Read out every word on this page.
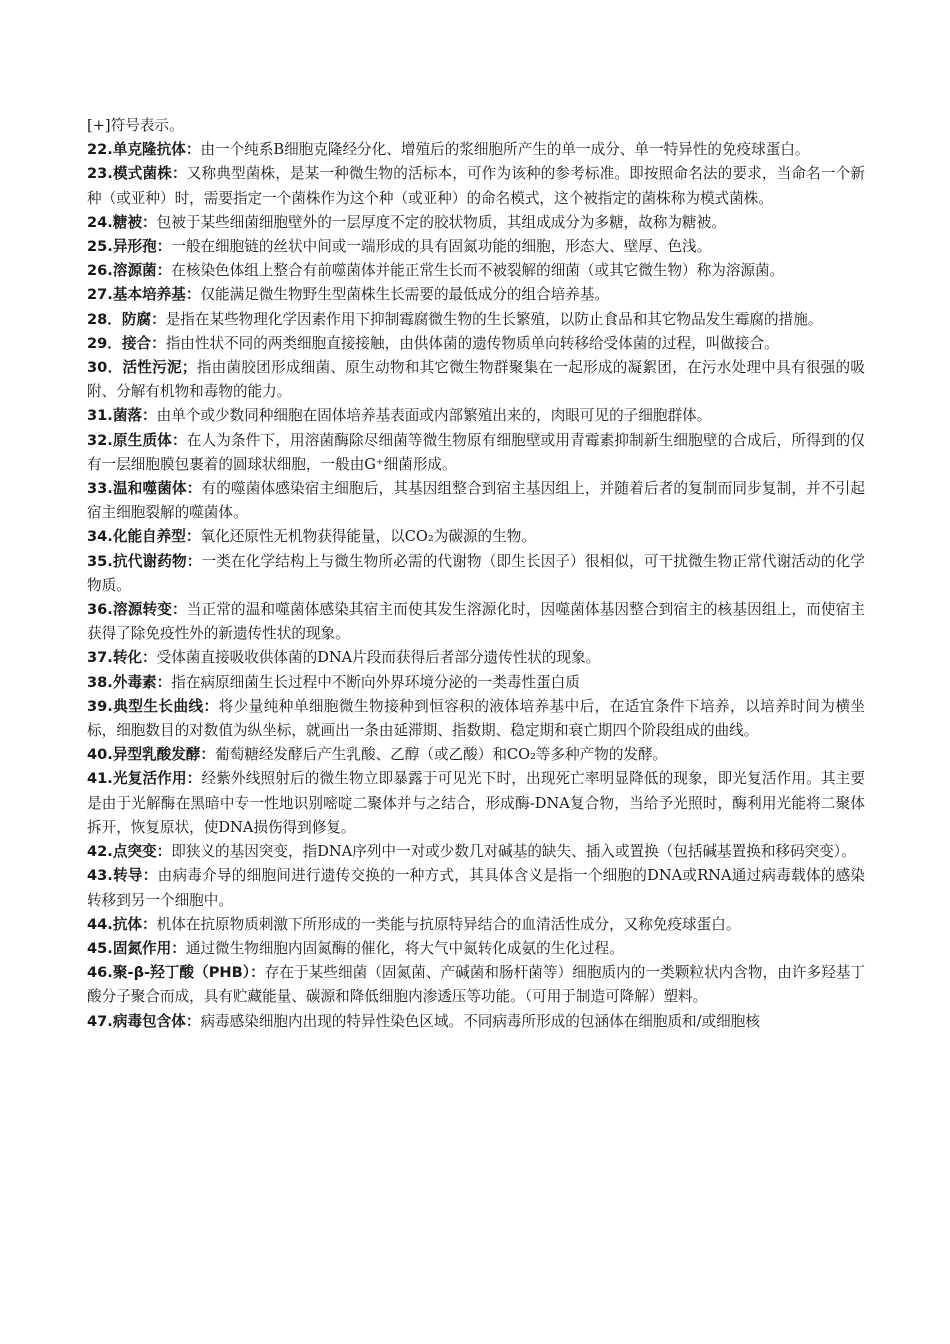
[+]符号表示。

22.单克隆抗体：由一个纯系B细胞克隆经分化、增殖后的浆细胞所产生的单一成分、单一特异性的免疫球蛋白。

23.模式菌株：又称典型菌株，是某一种微生物的活标本，可作为该种的参考标准。即按照命名法的要求，当命名一个新种（或亚种）时，需要指定一个菌株作为这个种（或亚种）的命名模式，这个被指定的菌株称为模式菌株。

24.糖被：包被于某些细菌细胞壁外的一层厚度不定的胶状物质，其组成成分为多糖，故称为糖被。

25.异形孢：一般在细胞链的丝状中间或一端形成的具有固氮功能的细胞，形态大、壁厚、色浅。

26.溶源菌：在核染色体组上整合有前噬菌体并能正常生长而不被裂解的细菌（或其它微生物）称为溶源菌。

27.基本培养基：仅能满足微生物野生型菌株生长需要的最低成分的组合培养基。

28．防腐：是指在某些物理化学因素作用下抑制霉腐微生物的生长繁殖，以防止食品和其它物品发生霉腐的措施。

29．接合：指由性状不同的两类细胞直接接触，由供体菌的遗传物质单向转移给受体菌的过程，叫做接合。

30．活性污泥；指由菌胶团形成细菌、原生动物和其它微生物群聚集在一起形成的凝絮团，在污水处理中具有很强的吸附、分解有机物和毒物的能力。

31.菌落：由单个或少数同种细胞在固体培养基表面或内部繁殖出来的，肉眼可见的子细胞群体。

32.原生质体：在人为条件下，用溶菌酶除尽细菌等微生物原有细胞壁或用青霉素抑制新生细胞壁的合成后，所得到的仅有一层细胞膜包裹着的圆球状细胞，一般由G⁺细菌形成。

33.温和噬菌体：有的噬菌体感染宿主细胞后，其基因组整合到宿主基因组上，并随着后者的复制而同步复制，并不引起宿主细胞裂解的噬菌体。

34.化能自养型：氧化还原性无机物获得能量，以CO₂为碳源的生物。

35.抗代谢药物：一类在化学结构上与微生物所必需的代谢物（即生长因子）很相似，可干扰微生物正常代谢活动的化学物质。

36.溶源转变：当正常的温和噬菌体感染其宿主而使其发生溶源化时，因噬菌体基因整合到宿主的核基因组上，而使宿主获得了除免疫性外的新遗传性状的现象。

37.转化：受体菌直接吸收供体菌的DNA片段而获得后者部分遗传性状的现象。

38.外毒素：指在病原细菌生长过程中不断向外界环境分泌的一类毒性蛋白质

39.典型生长曲线：将少量纯种单细胞微生物接种到恒容积的液体培养基中后，在适宜条件下培养，以培养时间为横坐标，细胞数目的对数值为纵坐标，就画出一条由延滞期、指数期、稳定期和衰亡期四个阶段组成的曲线。

40.异型乳酸发酵：葡萄糖经发酵后产生乳酸、乙醇（或乙酸）和CO₂等多种产物的发酵。

41.光复活作用：经紫外线照射后的微生物立即暴露于可见光下时，出现死亡率明显降低的现象，即光复活作用。其主要是由于光解酶在黑暗中专一性地识别嘧啶二聚体并与之结合，形成酶-DNA复合物，当给予光照时，酶利用光能将二聚体拆开，恢复原状，使DNA损伤得到修复。

42.点突变：即狭义的基因突变，指DNA序列中一对或少数几对碱基的缺失、插入或置换（包括碱基置换和移码突变）。

43.转导：由病毒介导的细胞间进行遗传交换的一种方式，其具体含义是指一个细胞的DNA或RNA通过病毒载体的感染转移到另一个细胞中。

44.抗体：机体在抗原物质刺激下所形成的一类能与抗原特异结合的血清活性成分，又称免疫球蛋白。

45.固氮作用：通过微生物细胞内固氮酶的催化，将大气中氮转化成氨的生化过程。

46.聚-β-羟丁酸（PHB）：存在于某些细菌（固氮菌、产碱菌和肠杆菌等）细胞质内的一类颗粒状内含物，由许多羟基丁酸分子聚合而成，具有贮藏能量、碳源和降低细胞内渗透压等功能。（可用于制造可降解）塑料。

47.病毒包含体：病毒感染细胞内出现的特异性染色区域。不同病毒所形成的包涵体在细胞质和/或细胞核
